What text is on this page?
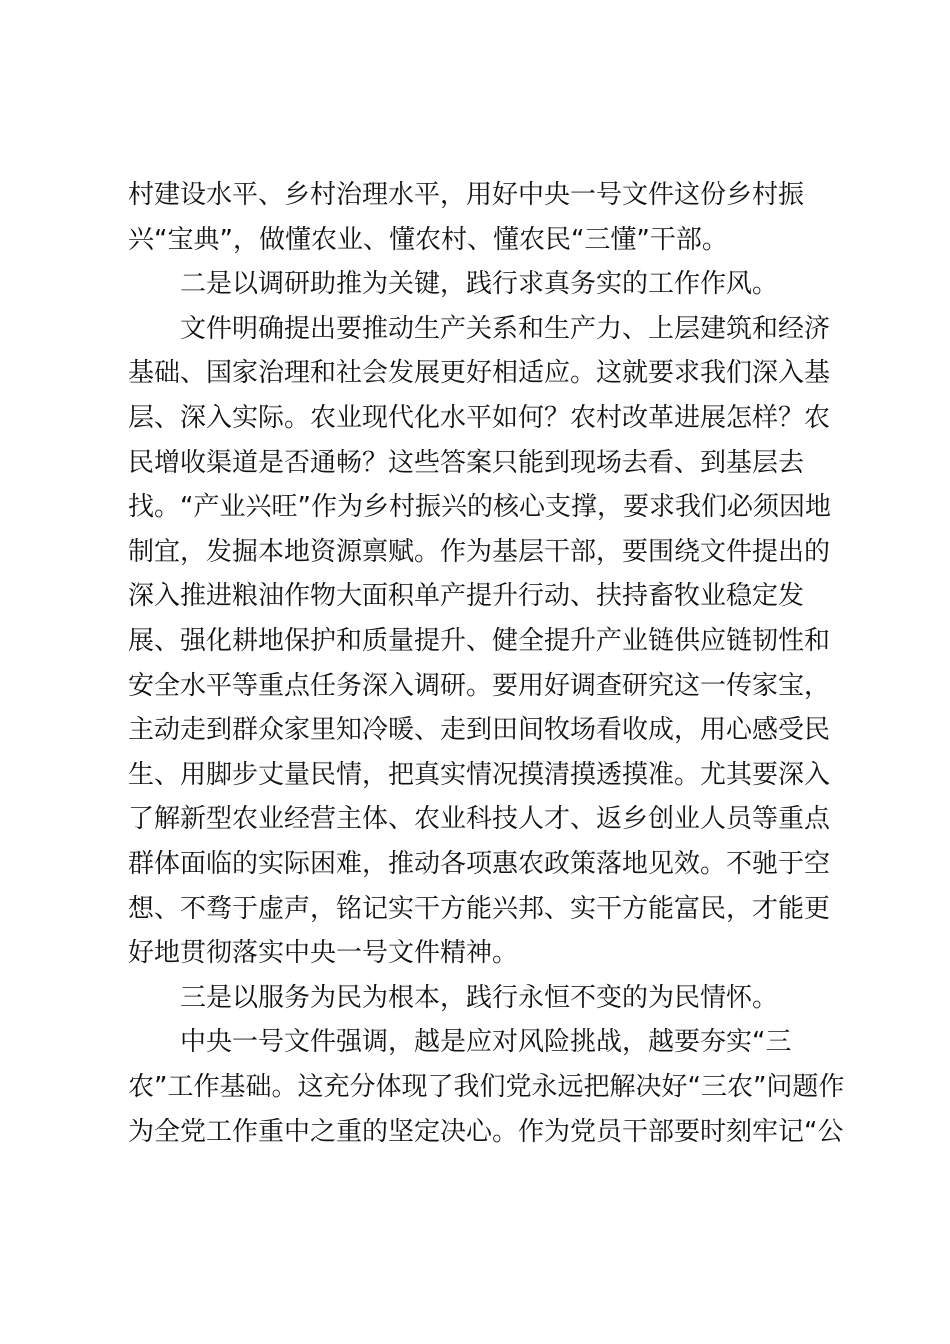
村建设水平、乡村治理水平，用好中央一号文件这份乡村振

兴“宝典”，做懂农业、懂农村、懂农民“三懂”干部。

二是以调研助推为关键，践行求真务实的工作作风。

文件明确提出要推动生产关系和生产力、上层建筑和经济

基础、国家治理和社会发展更好相适应。这就要求我们深入基

层、深入实际。农业现代化水平如何？农村改革进展怎样？农

民增收渠道是否通畅？这些答案只能到现场去看、到基层去

找。“产业兴旺”作为乡村振兴的核心支撑，要求我们必须因地

制宜，发掘本地资源禀赋。作为基层干部，要围绕文件提出的

深入推进粮油作物大面积单产提升行动、扶持畜牧业稳定发

展、强化耕地保护和质量提升、健全提升产业链供应链韧性和

安全水平等重点任务深入调研。要用好调查研究这一传家宝，

主动走到群众家里知冷暖、走到田间牧场看收成，用心感受民

生、用脚步丈量民情，把真实情况摸清摸透摸准。尤其要深入

了解新型农业经营主体、农业科技人才、返乡创业人员等重点

群体面临的实际困难，推动各项惠农政策落地见效。不驰于空

想、不骛于虚声，铭记实干方能兴邦、实干方能富民，才能更

好地贯彻落实中央一号文件精神。

三是以服务为民为根本，践行永恒不变的为民情怀。

中央一号文件强调，越是应对风险挑战，越要夯实“三

农”工作基础。这充分体现了我们党永远把解决好“三农”问题作

为全党工作重中之重的坚定决心。作为党员干部要时刻牢记“公
